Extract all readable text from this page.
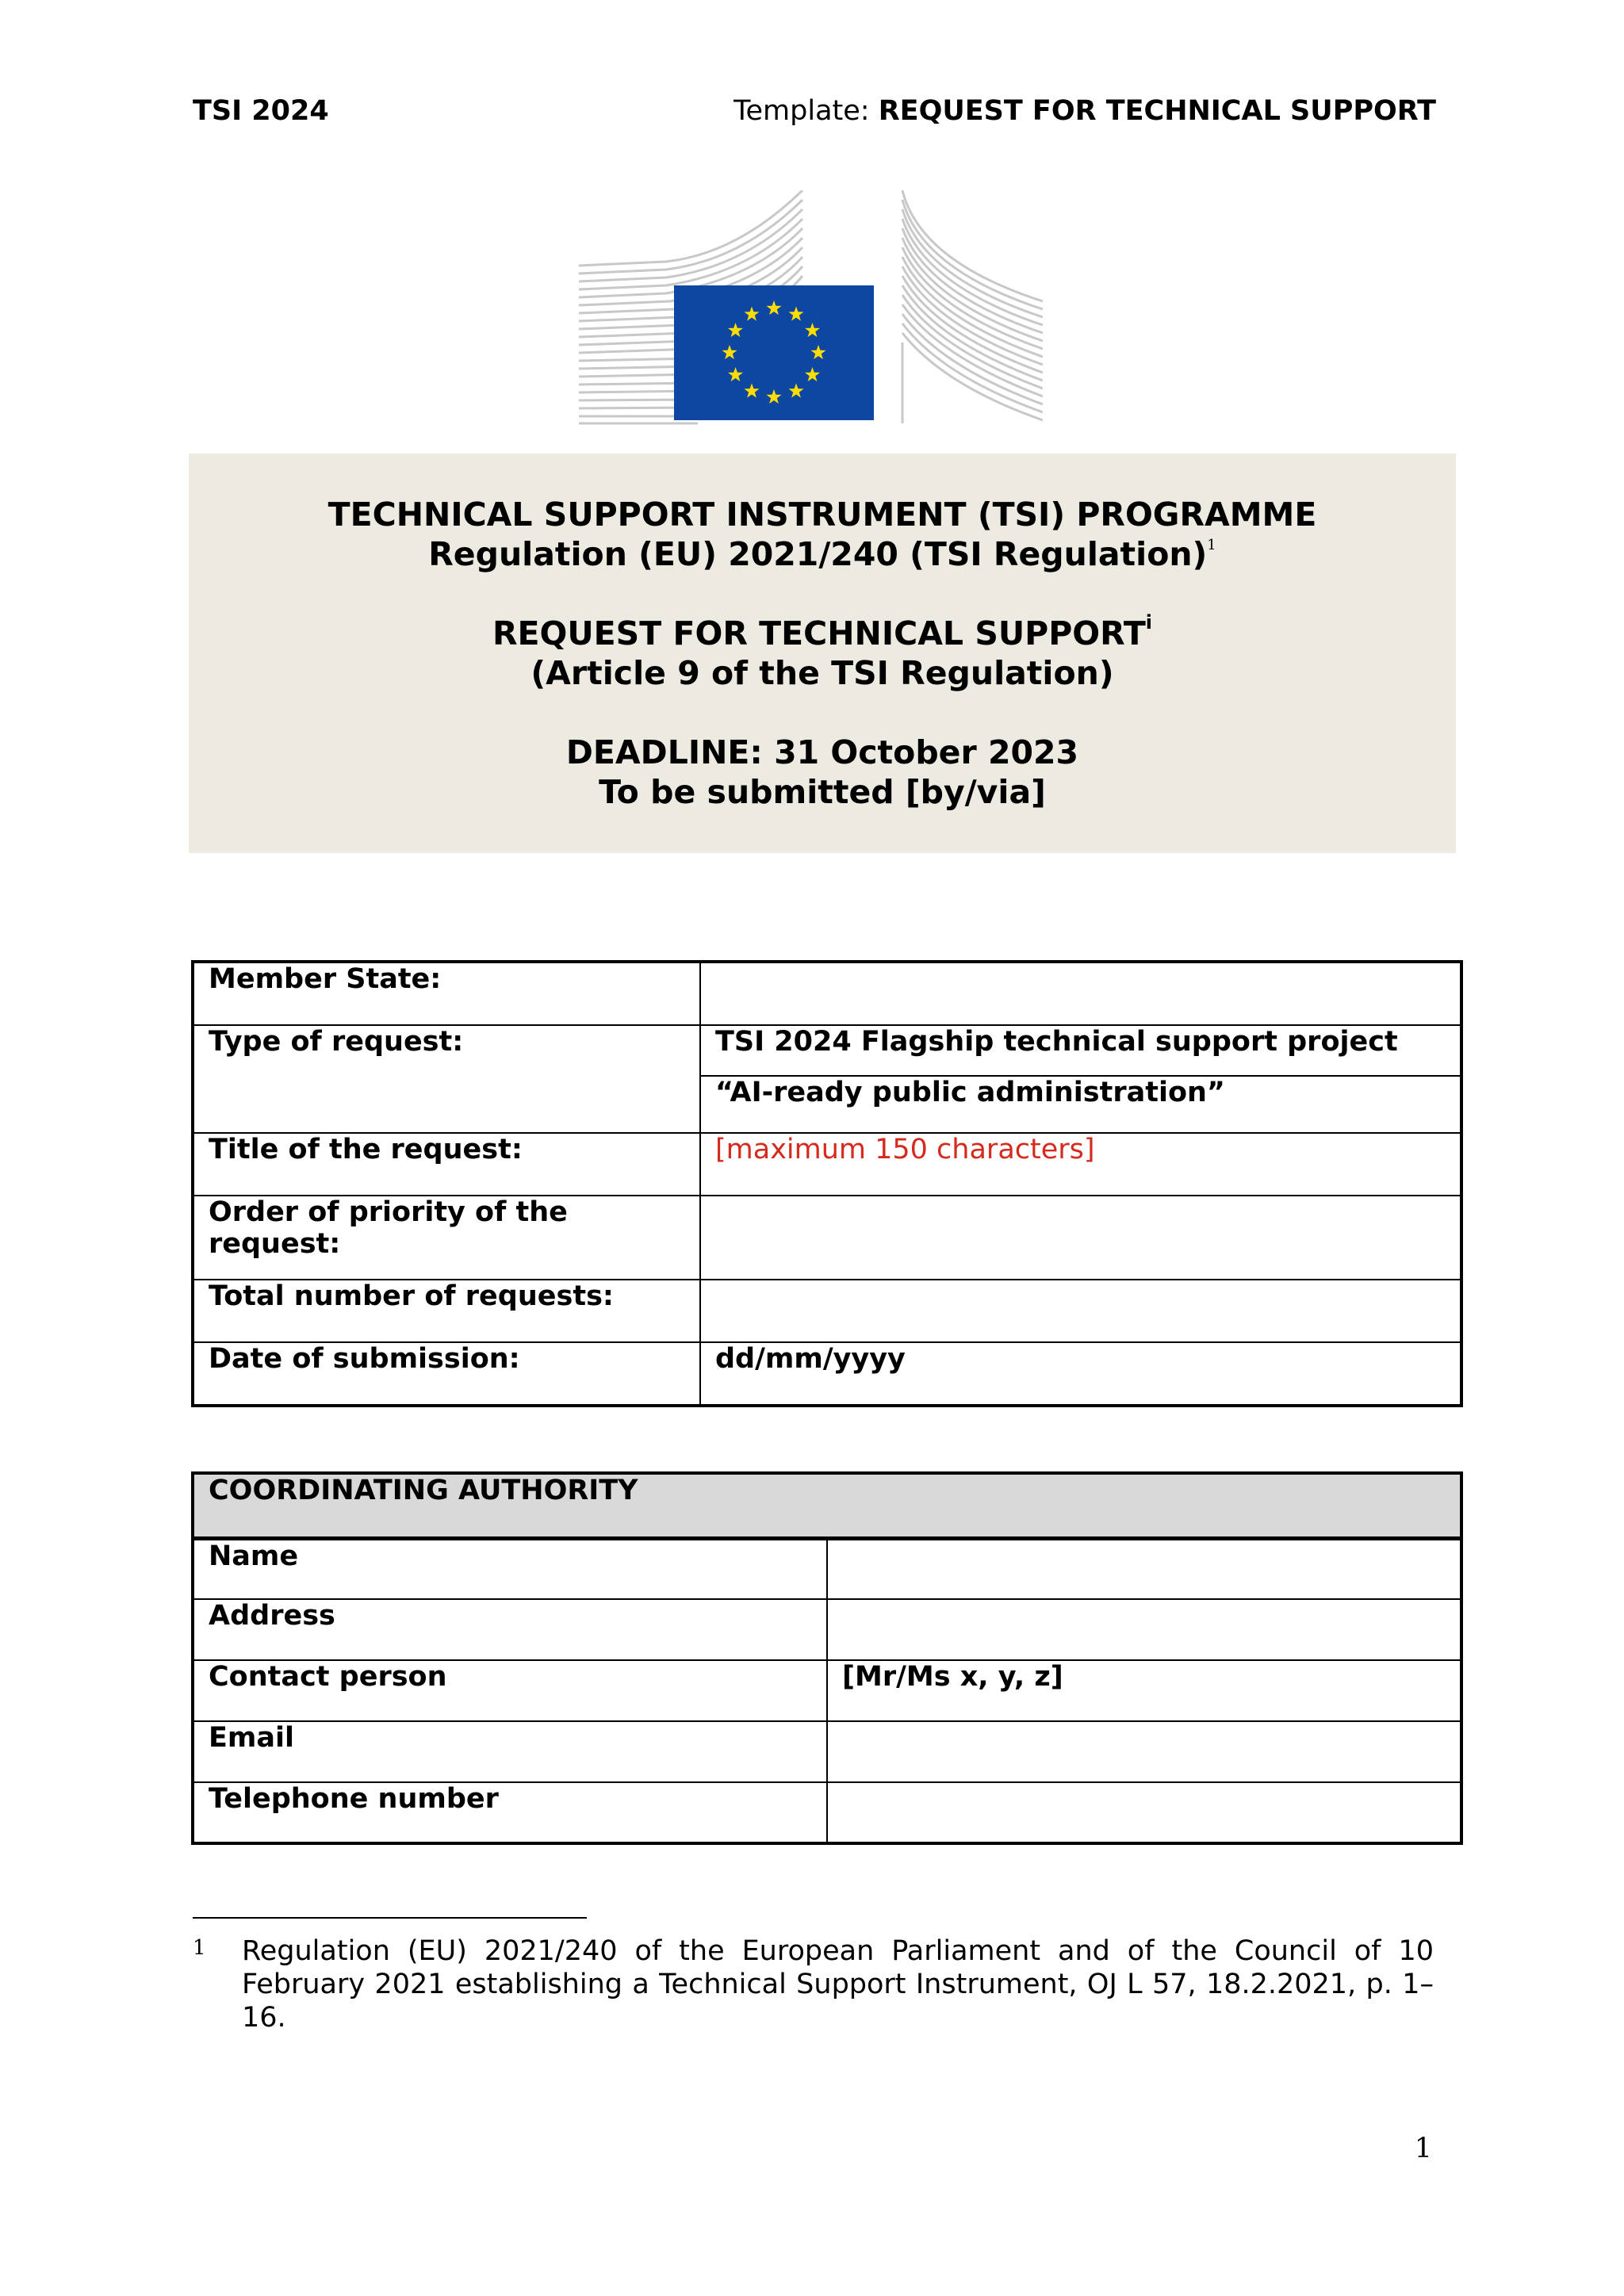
TSI 2024	Template: REQUEST FOR TECHNICAL SUPPORT
TECHNICAL SUPPORT INSTRUMENT (TSI) PROGRAMME
Regulation (EU) 2021/240 (TSI Regulation)$^1$
REQUEST FOR TECHNICAL SUPPORT$^i$
(Article 9 of the TSI Regulation)
DEADLINE: 31 October 2023
To be submitted [by/via]
Member State:	
Type of request:	TSI 2024 Flagship technical support project
	“AI-ready public administration”
Title of the request:	[maximum 150 characters]
Order of priority of the request:	
Total number of requests:	
Date of submission:	dd/mm/yyyy
COORDINATING AUTHORITY	
Name	
Address	
Contact person	[Mr/Ms x, y, z]
Email	
Telephone number	
1 Regulation (EU) 2021/240 of the European Parliament and of the Council of 10 February 2021 establishing a Technical Support Instrument, OJ L 57, 18.2.2021, p. 1–16.
1
